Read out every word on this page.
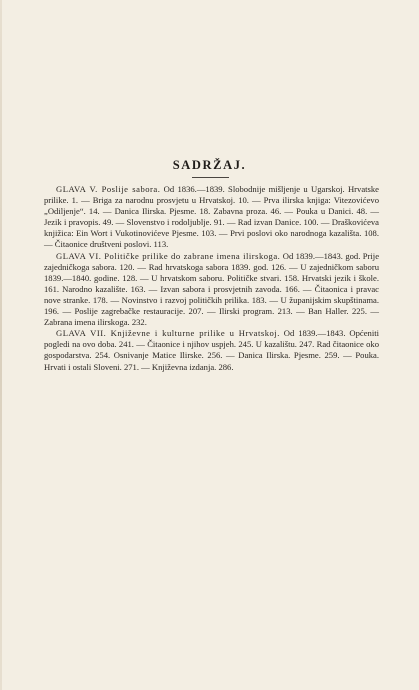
SADRŽAJ.

GLAVA V. Poslije sabora. Od 1836.—1839. Slobodnije mišljenje u Ugarskoj. Hrvatske prilike. 1. — Briga za narodnu prosvjetu u Hrvatskoj. 10. — Prva ilirska knjiga: Vitezovićevo „Odiljenje“. 14. — Danica Ilirska. Pjesme. 18. Zabavna proza. 46. — Pouka u Danici. 48. — Jezik i pravopis. 49. — Slovenstvo i rodoljublje. 91. — Rad izvan Danice. 100. — Draškovićeva knjižica: Ein Wort i Vukotinovićeve Pjesme. 103. — Prvi poslovi oko narodnoga kazališta. 108. — Čitaonice društveni poslovi. 113.

GLAVA VI. Političke prilike do zabrane imena ilirskoga. Od 1839.—1843. god. Prije zajedničkoga sabora. 120. — Rad hrvatskoga sabora 1839. god. 126. — U zajedničkom saboru 1839.—1840. godine. 128. — U hrvatskom saboru. Političke stvari. 158. Hrvatski jezik i škole. 161. Narodno kazalište. 163. — Izvan sabora i prosvjetnih zavoda. 166. — Čitaonica i pravac nove stranke. 178. — Novinstvo i razvoj političkih prilika. 183. — U županijskim skupštinama. 196. — Poslije zagrebačke restauracije. 207. — Ilirski program. 213. — Ban Haller. 225. — Zabrana imena ilirskoga. 232.

GLAVA VII. Književne i kulturne prilike u Hrvatskoj. Od 1839.—1843. Općeniti pogledi na ovo doba. 241. — Čitaonice i njihov uspjeh. 245. U kazalištu. 247. Rad čitaonice oko gospodarstva. 254. Osnivanje Matice Ilirske. 256. — Danica Ilirska. Pjesme. 259. — Pouka. Hrvati i ostali Sloveni. 271. — Književna izdanja. 286.
